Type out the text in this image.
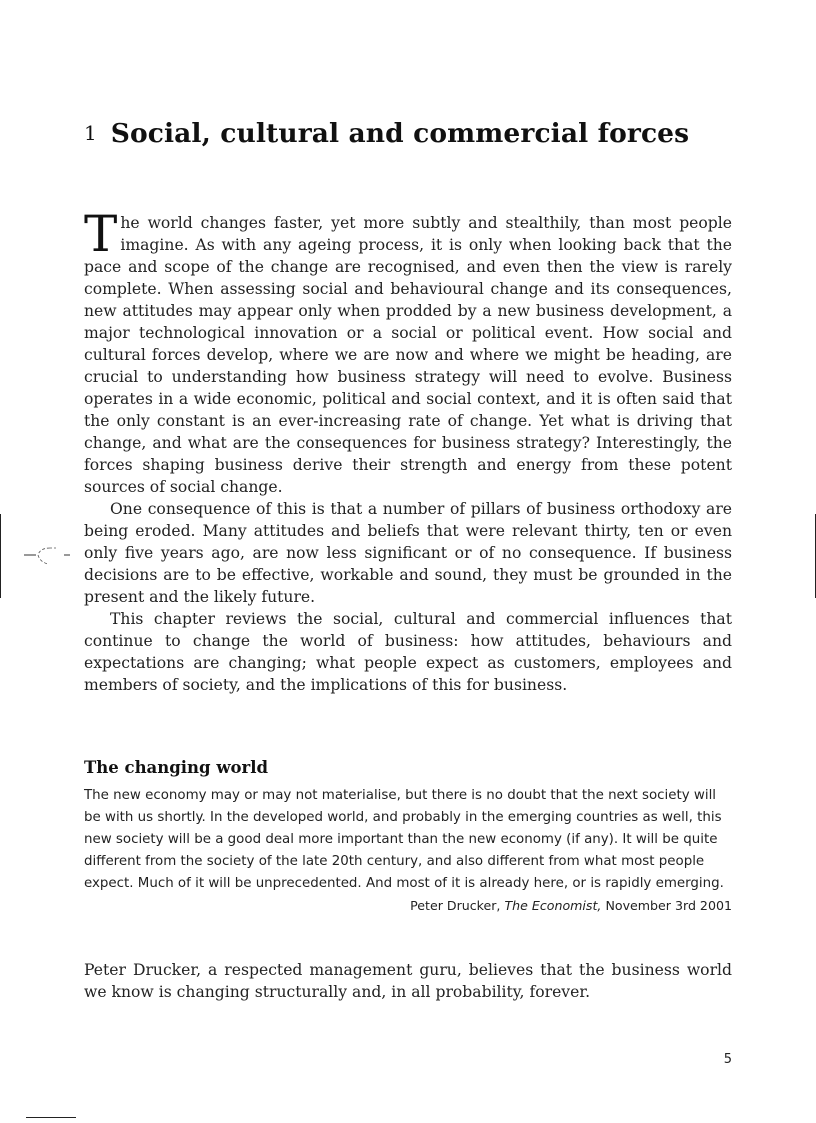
1 Social, cultural and commercial forces

The world changes faster, yet more subtly and stealthily, than most people imagine. As with any ageing process, it is only when looking back that the pace and scope of the change are recognised, and even then the view is rarely complete. When assessing social and behavioural change and its consequences, new attitudes may appear only when prodded by a new business development, a major technological innovation or a social or political event. How social and cultural forces develop, where we are now and where we might be heading, are crucial to understanding how business strategy will need to evolve. Business operates in a wide economic, political and social context, and it is often said that the only constant is an ever-increasing rate of change. Yet what is driving that change, and what are the consequences for business strategy? Interestingly, the forces shaping business derive their strength and energy from these potent sources of social change.

One consequence of this is that a number of pillars of business orthodoxy are being eroded. Many attitudes and beliefs that were relevant thirty, ten or even only five years ago, are now less significant or of no consequence. If business decisions are to be effective, workable and sound, they must be grounded in the present and the likely future.

This chapter reviews the social, cultural and commercial influences that continue to change the world of business: how attitudes, behaviours and expectations are changing; what people expect as customers, employees and members of society, and the implications of this for business.

The changing world

The new economy may or may not materialise, but there is no doubt that the next society will be with us shortly. In the developed world, and probably in the emerging countries as well, this new society will be a good deal more important than the new economy (if any). It will be quite different from the society of the late 20th century, and also different from what most people expect. Much of it will be unprecedented. And most of it is already here, or is rapidly emerging.

Peter Drucker, The Economist, November 3rd 2001

Peter Drucker, a respected management guru, believes that the business world we know is changing structurally and, in all probability, forever.

5
